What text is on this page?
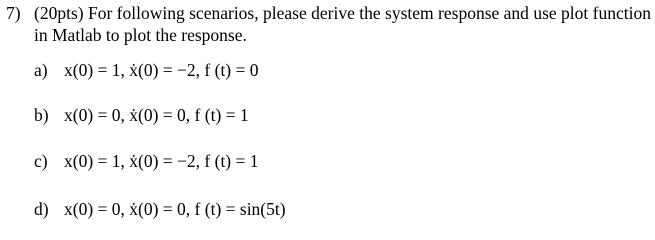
7) (20pts) For following scenarios, please derive the system response and use plot function in Matlab to plot the response.
a) x(0) = 1, ẋ(0) = −2, f (t) = 0
b) x(0) = 0, ẋ(0) = 0, f (t) = 1
c) x(0) = 1, ẋ(0) = −2, f (t) = 1
d) x(0) = 0, ẋ(0) = 0, f (t) = sin(5t)
